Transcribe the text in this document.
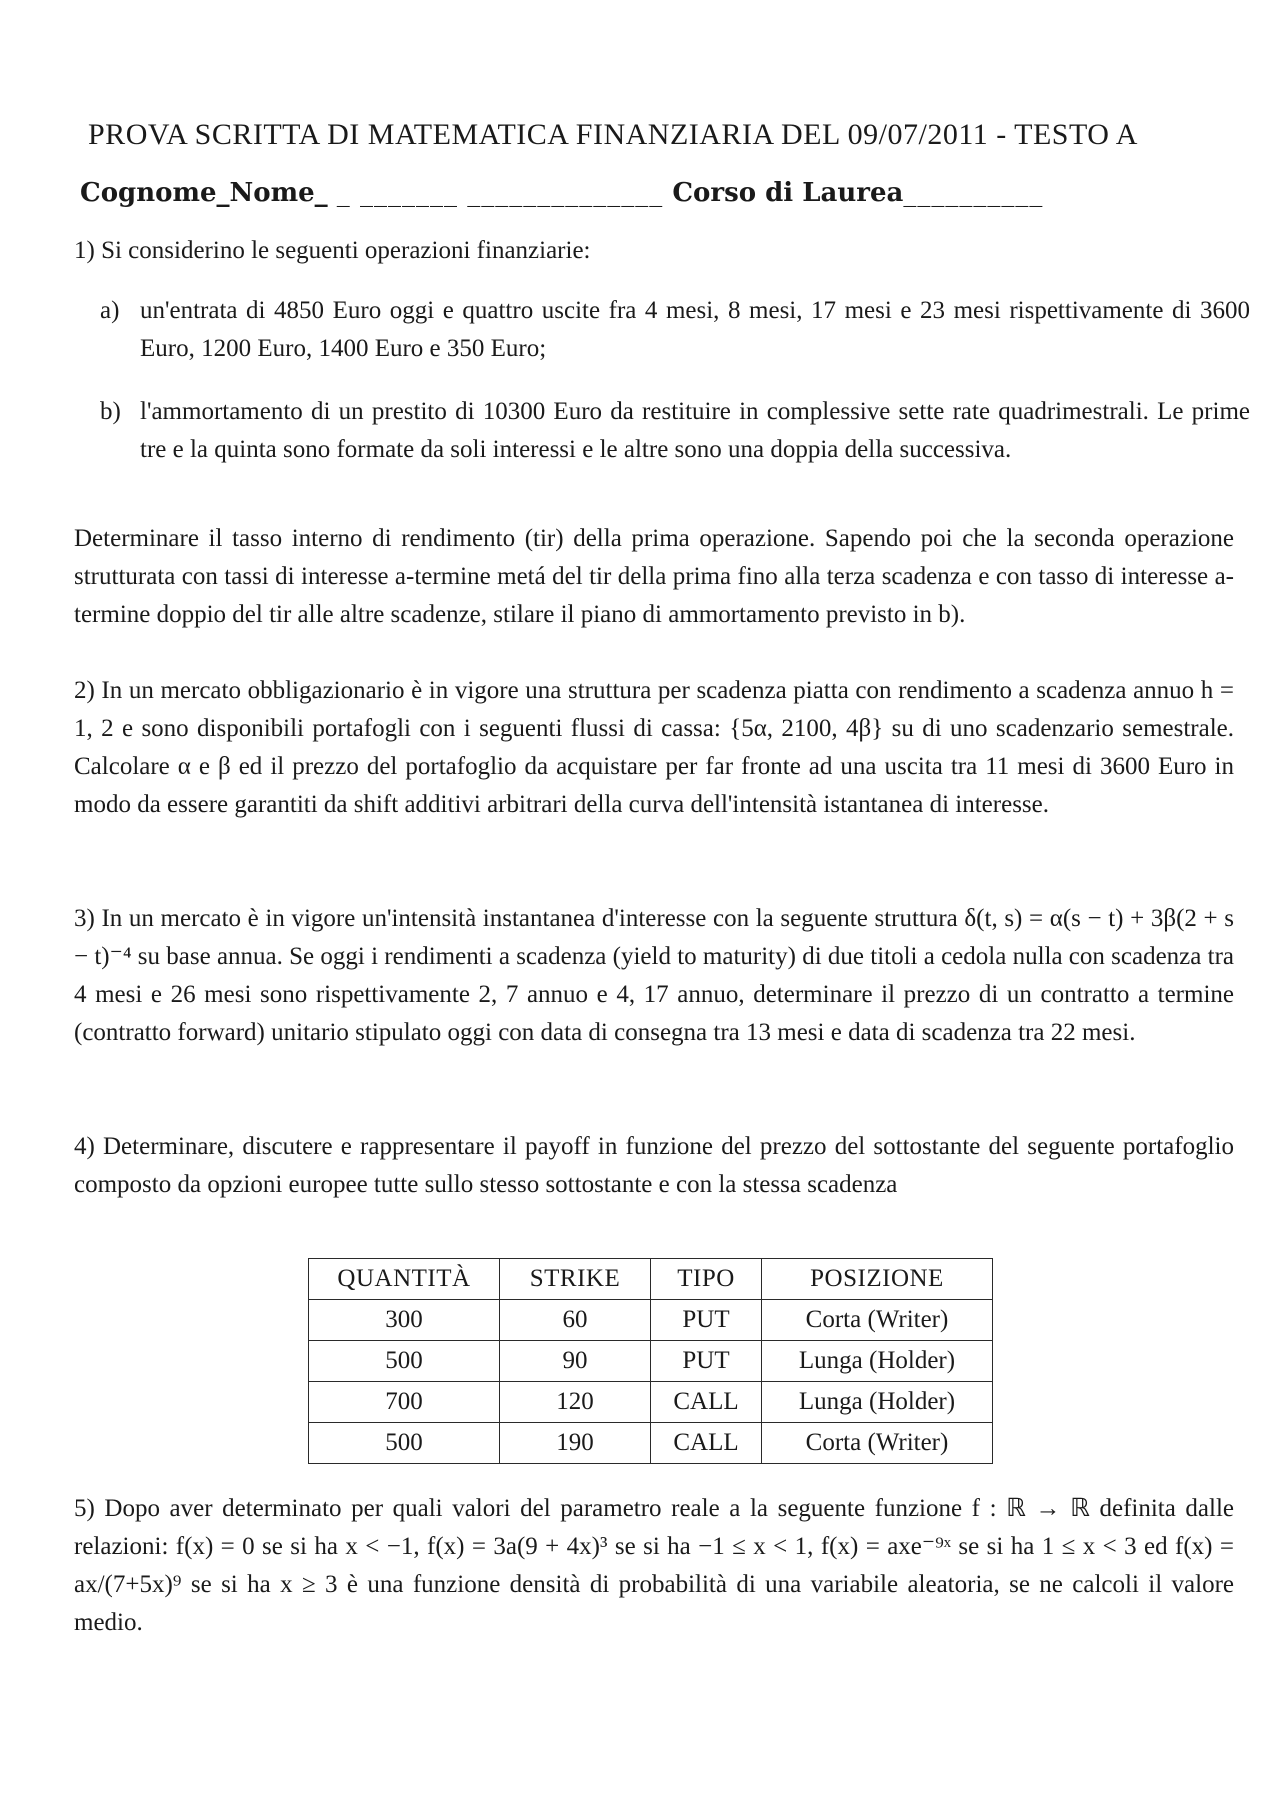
PROVA SCRITTA DI MATEMATICA FINANZIARIA DEL 09/07/2011 - TESTO A
Cognome_Nome_ _ _______ ______________ Corso di Laurea__________
1) Si considerino le seguenti operazioni finanziarie:
a) un'entrata di 4850 Euro oggi e quattro uscite fra 4 mesi, 8 mesi, 17 mesi e 23 mesi rispettivamente di 3600 Euro, 1200 Euro, 1400 Euro e 350 Euro;

b) l'ammortamento di un prestito di 10300 Euro da restituire in complessive sette rate quadrimestrali. Le prime tre e la quinta sono formate da soli interessi e le altre sono una doppia della successiva.

Determinare il tasso interno di rendimento (tir) della prima operazione. Sapendo poi che la seconda operazione strutturata con tassi di interesse a-termine metá del tir della prima fino alla terza scadenza e con tasso di interesse a-termine doppio del tir alle altre scadenze, stilare il piano di ammortamento previsto in b).
2) In un mercato obbligazionario è in vigore una struttura per scadenza piatta con rendimento a scadenza annuo h = 1, 2 e sono disponibili portafogli con i seguenti flussi di cassa: {5α, 2100, 4β} su di uno scadenzario semestrale. Calcolare α e β ed il prezzo del portafoglio da acquistare per far fronte ad una uscita tra 11 mesi di 3600 Euro in modo da essere garantiti da shift additivi arbitrari della curva dell'intensità istantanea di interesse.
3) In un mercato è in vigore un'intensità instantanea d'interesse con la seguente struttura δ(t, s) = α(s − t) + 3β(2 + s − t)⁻⁴ su base annua. Se oggi i rendimenti a scadenza (yield to maturity) di due titoli a cedola nulla con scadenza tra 4 mesi e 26 mesi sono rispettivamente 2, 7 annuo e 4, 17 annuo, determinare il prezzo di un contratto a termine (contratto forward) unitario stipulato oggi con data di consegna tra 13 mesi e data di scadenza tra 22 mesi.
4) Determinare, discutere e rappresentare il payoff in funzione del prezzo del sottostante del seguente portafoglio composto da opzioni europee tutte sullo stesso sottostante e con la stessa scadenza
QUANTITÀ	STRIKE	TIPO	POSIZIONE
300	60	PUT	Corta (Writer)
500	90	PUT	Lunga (Holder)
700	120	CALL	Lunga (Holder)
500	190	CALL	Corta (Writer)
5) Dopo aver determinato per quali valori del parametro reale a la seguente funzione f : ℝ → ℝ definita dalle relazioni: f(x) = 0 se si ha x < −1, f(x) = 3a(9 + 4x)³ se si ha −1 ≤ x < 1, f(x) = axe⁻⁹ˣ se si ha 1 ≤ x < 3 ed f(x) = ax/(7+5x)⁹ se si ha x ≥ 3 è una funzione densità di probabilità di una variabile aleatoria, se ne calcoli il valore medio.
